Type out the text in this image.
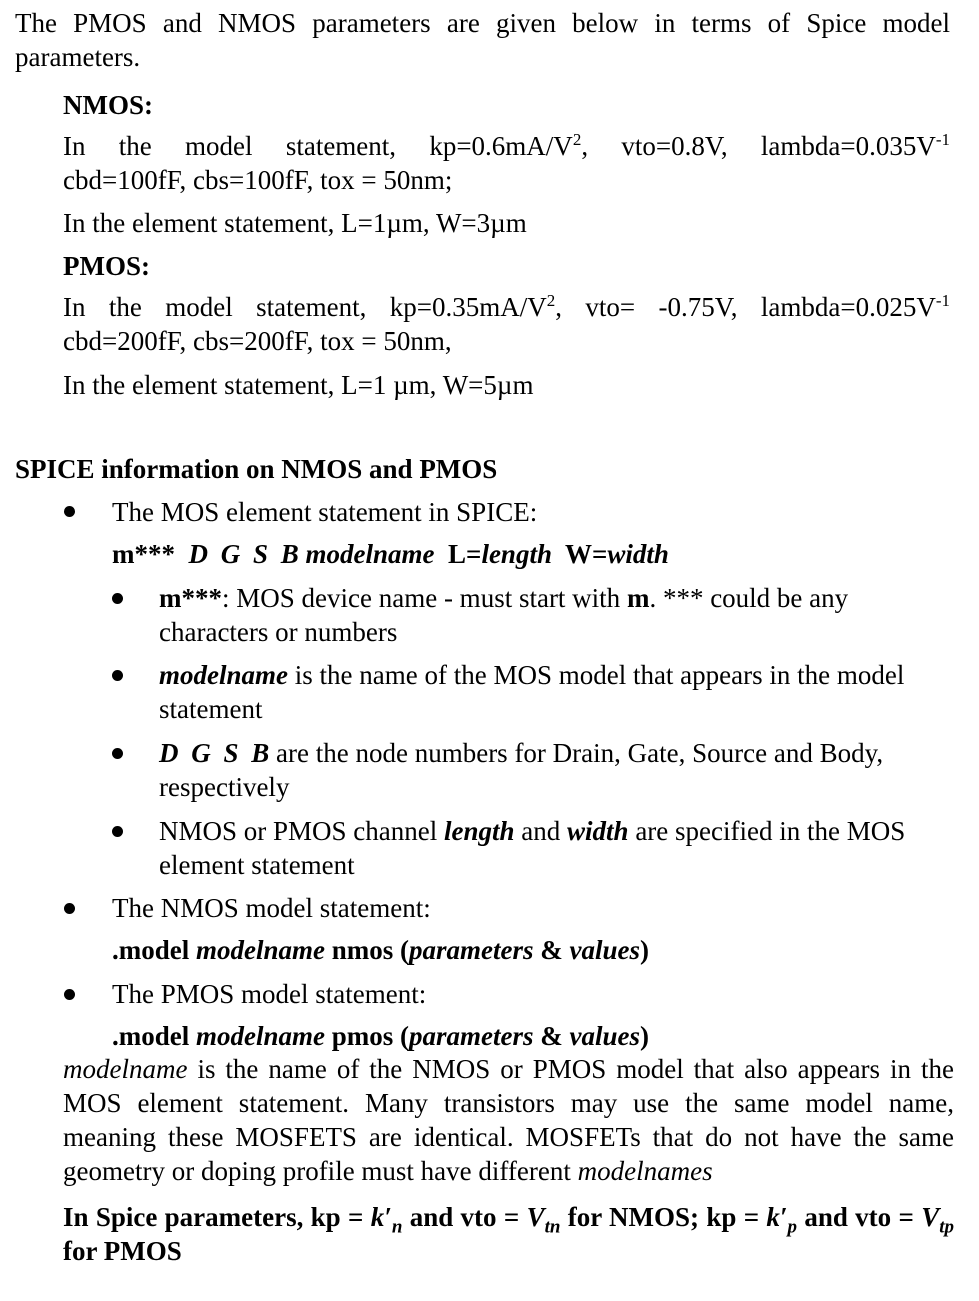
The PMOS and NMOS parameters are given below in terms of Spice model parameters.

NMOS:

In the model statement, $kp=0.6mA/V^2$, vto=0.8V, $lambda=0.035V^{-1}$

cbd=100fF, cbs=100fF, tox = 50nm;

In the element statement, L=1µm, W=3µm

PMOS:

In the model statement, $kp=0.35mA/V^2$, vto= -0.75V, $lambda=0.025V^{-1}$

cbd=200fF, cbs=200fF, tox = 50nm,

In the element statement, L=1 µm, W=5µm

SPICE information on NMOS and PMOS

The MOS element statement in SPICE:

m*** D G S B modelname L=length W=width

m***: MOS device name - must start with m. *** could be any characters or numbers

modelname is the name of the MOS model that appears in the model statement

D G S B are the node numbers for Drain, Gate, Source and Body, respectively

NMOS or PMOS channel length and width are specified in the MOS element statement

The NMOS model statement:

.model modelname nmos (parameters & values)

The PMOS model statement:

.model modelname pmos (parameters & values)

modelname is the name of the NMOS or PMOS model that also appears in the MOS element statement. Many transistors may use the same model name, meaning these MOSFETS are identical. MOSFETs that do not have the same geometry or doping profile must have different modelnames

In Spice parameters, kp = $k'_n$ and vto = $V_{tn}$ for NMOS; kp = $k'_p$ and vto = $V_{tp}$ for PMOS
